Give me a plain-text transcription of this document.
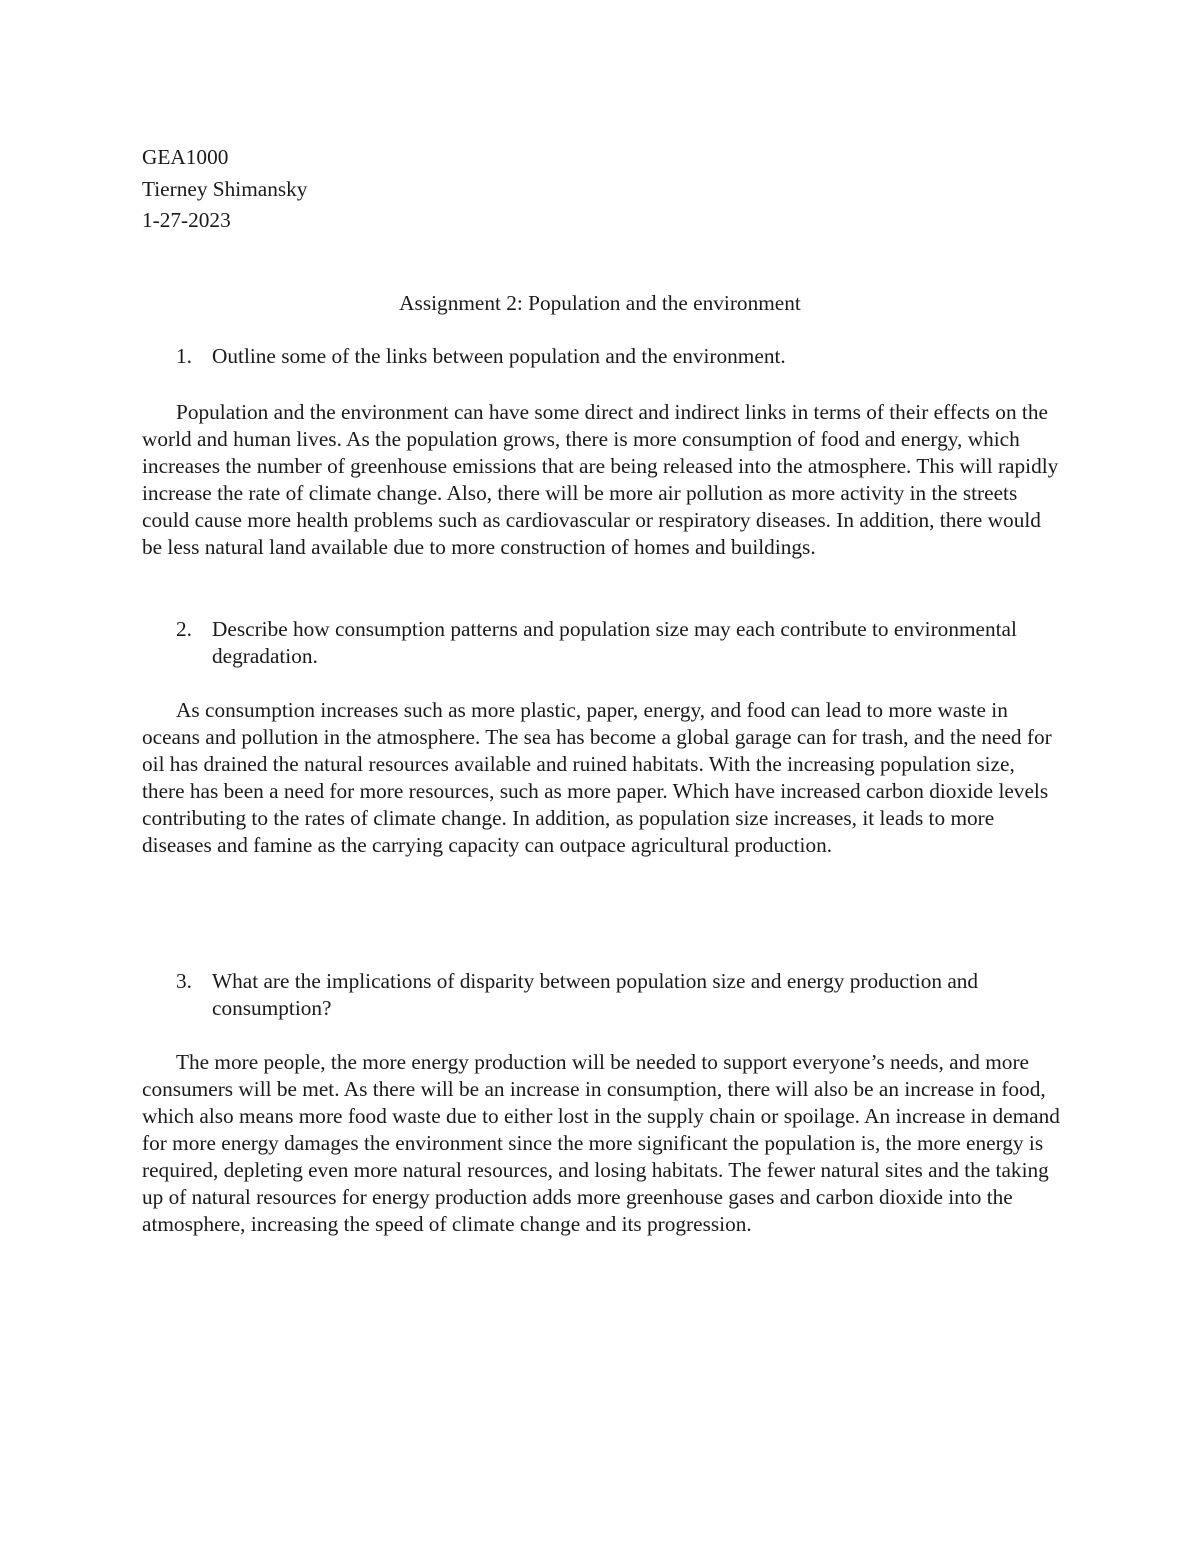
GEA1000
Tierney Shimansky
1-27-2023
Assignment 2: Population and the environment
1. Outline some of the links between population and the environment.

Population and the environment can have some direct and indirect links in terms of their effects on the world and human lives. As the population grows, there is more consumption of food and energy, which increases the number of greenhouse emissions that are being released into the atmosphere. This will rapidly increase the rate of climate change. Also, there will be more air pollution as more activity in the streets could cause more health problems such as cardiovascular or respiratory diseases. In addition, there would be less natural land available due to more construction of homes and buildings.

2. Describe how consumption patterns and population size may each contribute to environmental degradation.

As consumption increases such as more plastic, paper, energy, and food can lead to more waste in oceans and pollution in the atmosphere. The sea has become a global garage can for trash, and the need for oil has drained the natural resources available and ruined habitats. With the increasing population size, there has been a need for more resources, such as more paper. Which have increased carbon dioxide levels contributing to the rates of climate change. In addition, as population size increases, it leads to more diseases and famine as the carrying capacity can outpace agricultural production.

3. What are the implications of disparity between population size and energy production and consumption?

The more people, the more energy production will be needed to support everyone’s needs, and more consumers will be met. As there will be an increase in consumption, there will also be an increase in food, which also means more food waste due to either lost in the supply chain or spoilage. An increase in demand for more energy damages the environment since the more significant the population is, the more energy is required, depleting even more natural resources, and losing habitats. The fewer natural sites and the taking up of natural resources for energy production adds more greenhouse gases and carbon dioxide into the atmosphere, increasing the speed of climate change and its progression.
